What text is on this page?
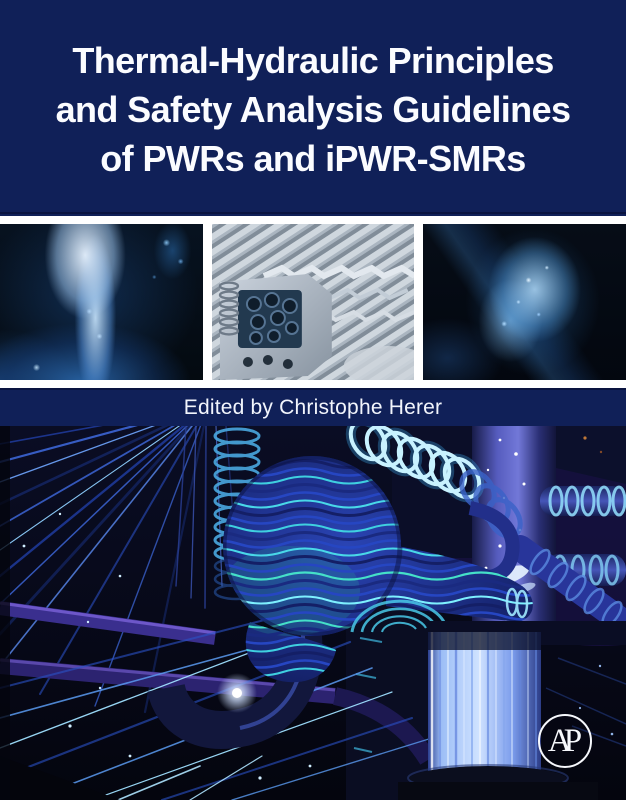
Thermal-Hydraulic Principles
and Safety Analysis Guidelines
of PWRs and iPWR-SMRs
Edited by Christophe Herer
AP
